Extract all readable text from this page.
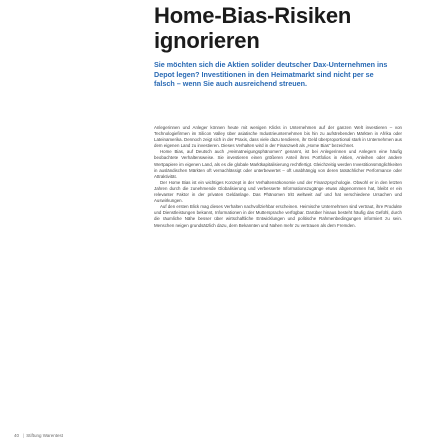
Home-Bias-Risiken ignorieren

Sie möchten sich die Aktien solider deutscher Dax-Unternehmen ins Depot legen? Investitionen in den Heimatmarkt sind nicht per se falsch – wenn Sie auch ausreichend streuen.

Anlegerinnen und Anleger können heute mit wenigen Klicks in Unternehmen auf der ganzen Welt investieren – von Technologiefirmen im Silicon Valley über asiatische Industrieunternehmen bis hin zu aufstrebenden Märkten in Afrika oder Lateinamerika. Dennoch zeigt sich in der Praxis, dass viele dazu tendieren, ihr Geld überproportional stark in Unternehmen aus dem eigenen Land zu investieren. Dieses Verhalten wird in der Finanzwelt als „Home Bias“ bezeichnet.

Home Bias, auf Deutsch auch „Heimatneigungsphänomen“ genannt, ist bei Anlegerinnen und Anlegern eine häufig beobachtete Verhaltensweise. Sie investieren einen größeren Anteil ihres Portfolios in Aktien, Anleihen oder andere Wertpapiere im eigenen Land, als es die globale Marktkapitalisierung rechtfertigt. Gleichzeitig werden Investitionsmöglichkeiten in ausländischen Märkten oft vernachlässigt oder unterbewertet – oft unabhängig von deren tatsächlicher Performance oder Attraktivität.

Der Home Bias ist ein wichtiges Konzept in der Verhaltensökonomie und der Finanzpsychologie. Obwohl er in den letzten Jahren durch die zunehmende Globalisierung und verbesserte Informationszugänge etwas abgenommen hat, bleibt er ein relevanter Faktor in der privaten Geldanlage. Das Phänomen tritt weltweit auf und hat verschiedene Ursachen und Auswirkungen.

Auf den ersten Blick mag dieses Verhalten nachvollziehbar erscheinen. Heimische Unternehmen sind vertraut, ihre Produkte und Dienstleistungen bekannt, Informationen in der Muttersprache verfügbar. Darüber hinaus besteht häufig das Gefühl, durch die räumliche Nähe besser über wirtschaftliche Entwicklungen und politische Rahmenbedingungen informiert zu sein. Menschen neigen grundsätzlich dazu, dem Bekannten und Nahen mehr zu vertrauen als dem Fremden.

40 | Stiftung Warentest
